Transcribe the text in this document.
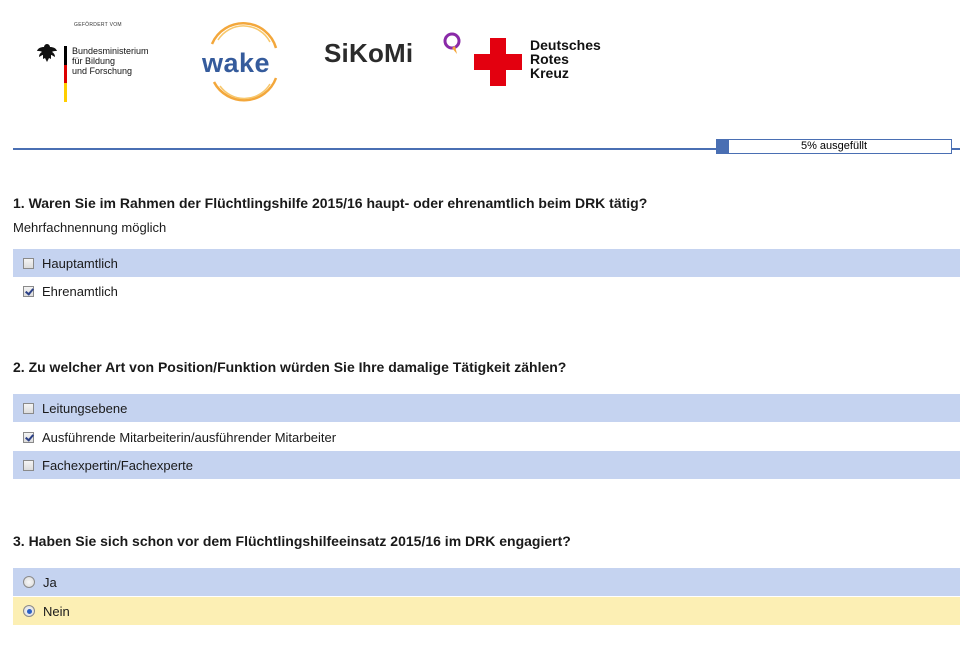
GEFÖRDERT VOM
Bundesministerium
für Bildung
und Forschung	wake SiKoMi	Deutsches
Rotes
Kreuz
5% ausgefüllt
1. Waren Sie im Rahmen der Flüchtlingshilfe 2015/16 haupt- oder ehrenamtlich beim DRK tätig?
Mehrfachnennung möglich
Hauptamtlich
Ehrenamtlich
2. Zu welcher Art von Position/Funktion würden Sie Ihre damalige Tätigkeit zählen?
Leitungsebene
Ausführende Mitarbeiterin/ausführender Mitarbeiter
Fachexpertin/Fachexperte
3. Haben Sie sich schon vor dem Flüchtlingshilfeeinsatz 2015/16 im DRK engagiert?
Ja
Nein
